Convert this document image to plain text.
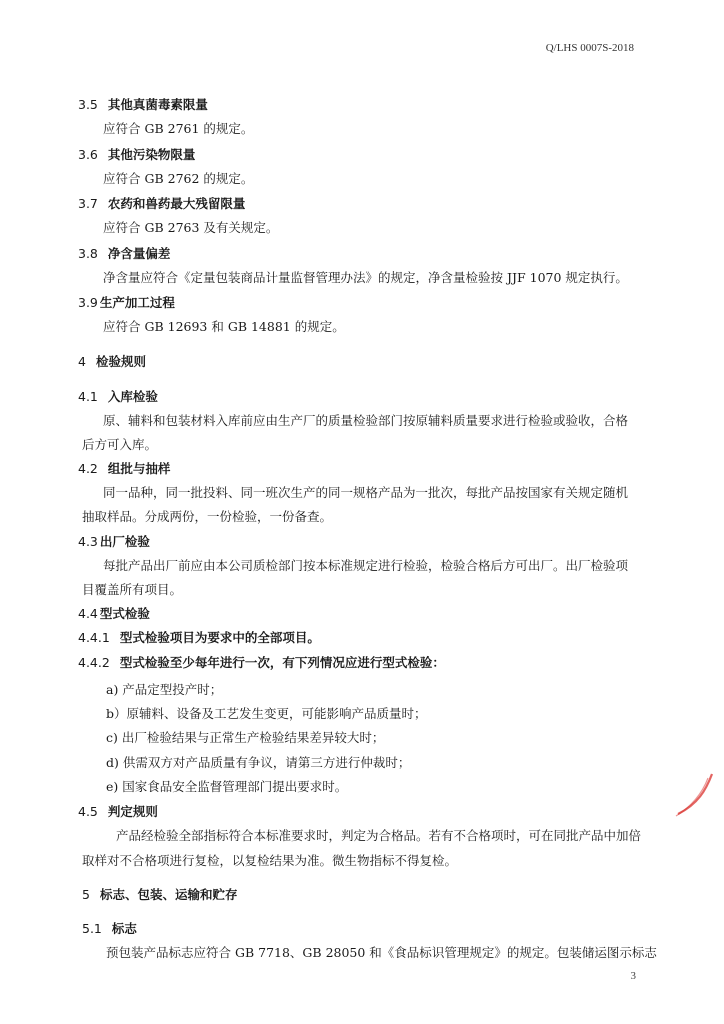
Q/LHS 0007S-2018
3.5 其他真菌毒素限量
应符合 GB 2761 的规定。
3.6 其他污染物限量
应符合 GB 2762 的规定。
3.7 农药和兽药最大残留限量
应符合 GB 2763 及有关规定。
3.8 净含量偏差
净含量应符合《定量包装商品计量监督管理办法》的规定，净含量检验按 JJF 1070 规定执行。
3.9 生产加工过程
应符合 GB 12693 和 GB 14881 的规定。
4 检验规则
4.1 入库检验
原、辅料和包装材料入库前应由生产厂的质量检验部门按原辅料质量要求进行检验或验收，合格
后方可入库。
4.2 组批与抽样
同一品种，同一批投料、同一班次生产的同一规格产品为一批次，每批产品按国家有关规定随机
抽取样品。分成两份，一份检验，一份备查。
4.3 出厂检验
每批产品出厂前应由本公司质检部门按本标准规定进行检验，检验合格后方可出厂。出厂检验项
目覆盖所有项目。
4.4 型式检验
4.4.1 型式检验项目为要求中的全部项目。
4.4.2 型式检验至少每年进行一次，有下列情况应进行型式检验：
a) 产品定型投产时；
b）原辅料、设备及工艺发生变更，可能影响产品质量时；
c) 出厂检验结果与正常生产检验结果差异较大时；
d) 供需双方对产品质量有争议，请第三方进行仲裁时；
e) 国家食品安全监督管理部门提出要求时。
4.5 判定规则
产品经检验全部指标符合本标准要求时，判定为合格品。若有不合格项时，可在同批产品中加倍
取样对不合格项进行复检，以复检结果为准。微生物指标不得复检。
5 标志、包装、运输和贮存
5.1 标志
预包装产品标志应符合 GB 7718、GB 28050 和《食品标识管理规定》的规定。包装储运图示标志
3
